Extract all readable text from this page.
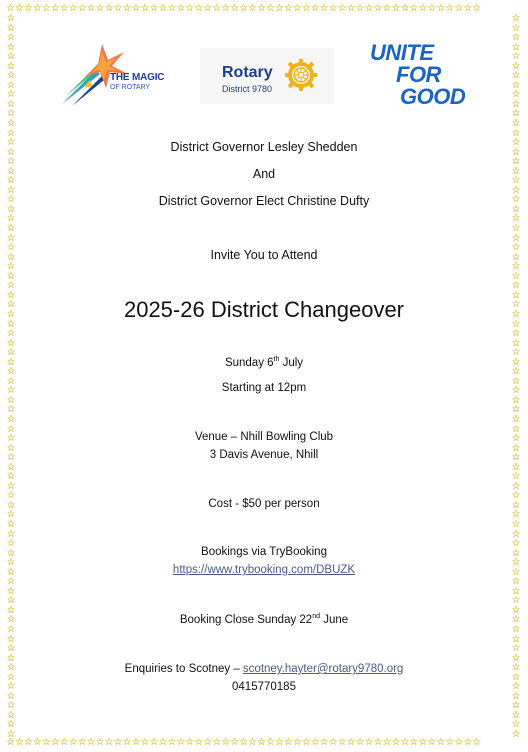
☆☆☆☆☆☆☆☆☆☆☆☆☆☆☆☆☆☆☆☆☆☆☆☆☆☆☆☆☆☆☆☆☆☆☆☆☆☆☆☆☆☆☆☆☆☆☆☆☆☆☆☆☆
☆☆☆☆☆☆☆☆☆☆☆☆☆☆☆☆☆☆☆☆☆☆☆☆☆☆☆☆☆☆☆☆☆☆☆☆☆☆☆☆☆☆☆☆☆☆☆☆☆☆☆☆☆
☆
☆
☆
☆
☆
☆
☆
☆
☆
☆
☆
☆
☆
☆
☆
☆
☆
☆
☆
☆
☆
☆
☆
☆
☆
☆
☆
☆
☆
☆
☆
☆
☆
☆
☆
☆
☆
☆
☆
☆
☆
☆
☆
☆
☆
☆
☆
☆
☆
☆
☆
☆
☆
☆
☆
☆
☆
☆
☆
☆
☆
☆
☆
☆
☆
☆
☆
☆
☆
☆
☆
☆
☆
☆
☆
☆
☆
☆
☆
☆
☆
☆
☆
☆
☆
☆
☆
☆
☆
☆
☆
☆
☆
☆
☆
☆
☆
☆
☆
☆
☆
☆
☆
☆
☆
☆
☆
☆
☆
☆
☆
☆
☆
☆
☆
☆
☆
☆
☆
☆
☆
☆
☆
☆
☆
☆
☆
☆
☆
☆
☆
☆
☆
☆
☆
☆
☆
☆
☆
☆
☆
☆
☆
☆
☆
☆
☆
☆
☆
☆
☆
☆
THE MAGIC
OF ROTARY
Rotary
District 9780
UNITE
FOR
GOOD
District Governor Lesley Shedden
And
District Governor Elect Christine Dufty
Invite You to Attend
2025-26 District Changeover
Sunday 6th July
Starting at 12pm
Venue – Nhill Bowling Club
3 Davis Avenue, Nhill
Cost - $50 per person
Bookings via TryBooking
https://www.trybooking.com/DBUZK
Booking Close Sunday 22nd June
Enquiries to Scotney – scotney.hayter@rotary9780.org
0415770185
